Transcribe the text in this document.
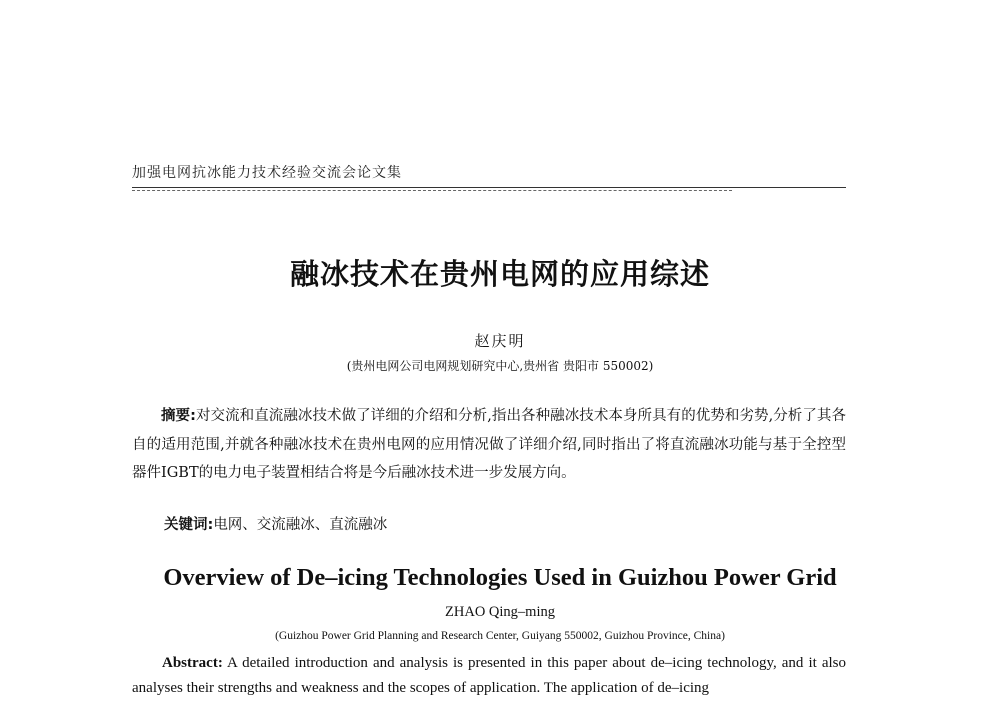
加强电网抗冰能力技术经验交流会论文集
融冰技术在贵州电网的应用综述
赵庆明
(贵州电网公司电网规划研究中心,贵州省 贵阳市 550002)
摘要:对交流和直流融冰技术做了详细的介绍和分析,指出各种融冰技术本身所具有的优势和劣势,分析了其各自的适用范围,并就各种融冰技术在贵州电网的应用情况做了详细介绍,同时指出了将直流融冰功能与基于全控型器件IGBT的电力电子装置相结合将是今后融冰技术进一步发展方向。
关键词:电网、交流融冰、直流融冰
Overview of De–icing Technologies Used in Guizhou Power Grid
ZHAO Qing–ming
(Guizhou Power Grid Planning and Research Center, Guiyang 550002, Guizhou Province, China)
Abstract: A detailed introduction and analysis is presented in this paper about de–icing technology, and it also analyses their strengths and weakness and the scopes of application. The application of de–icing
